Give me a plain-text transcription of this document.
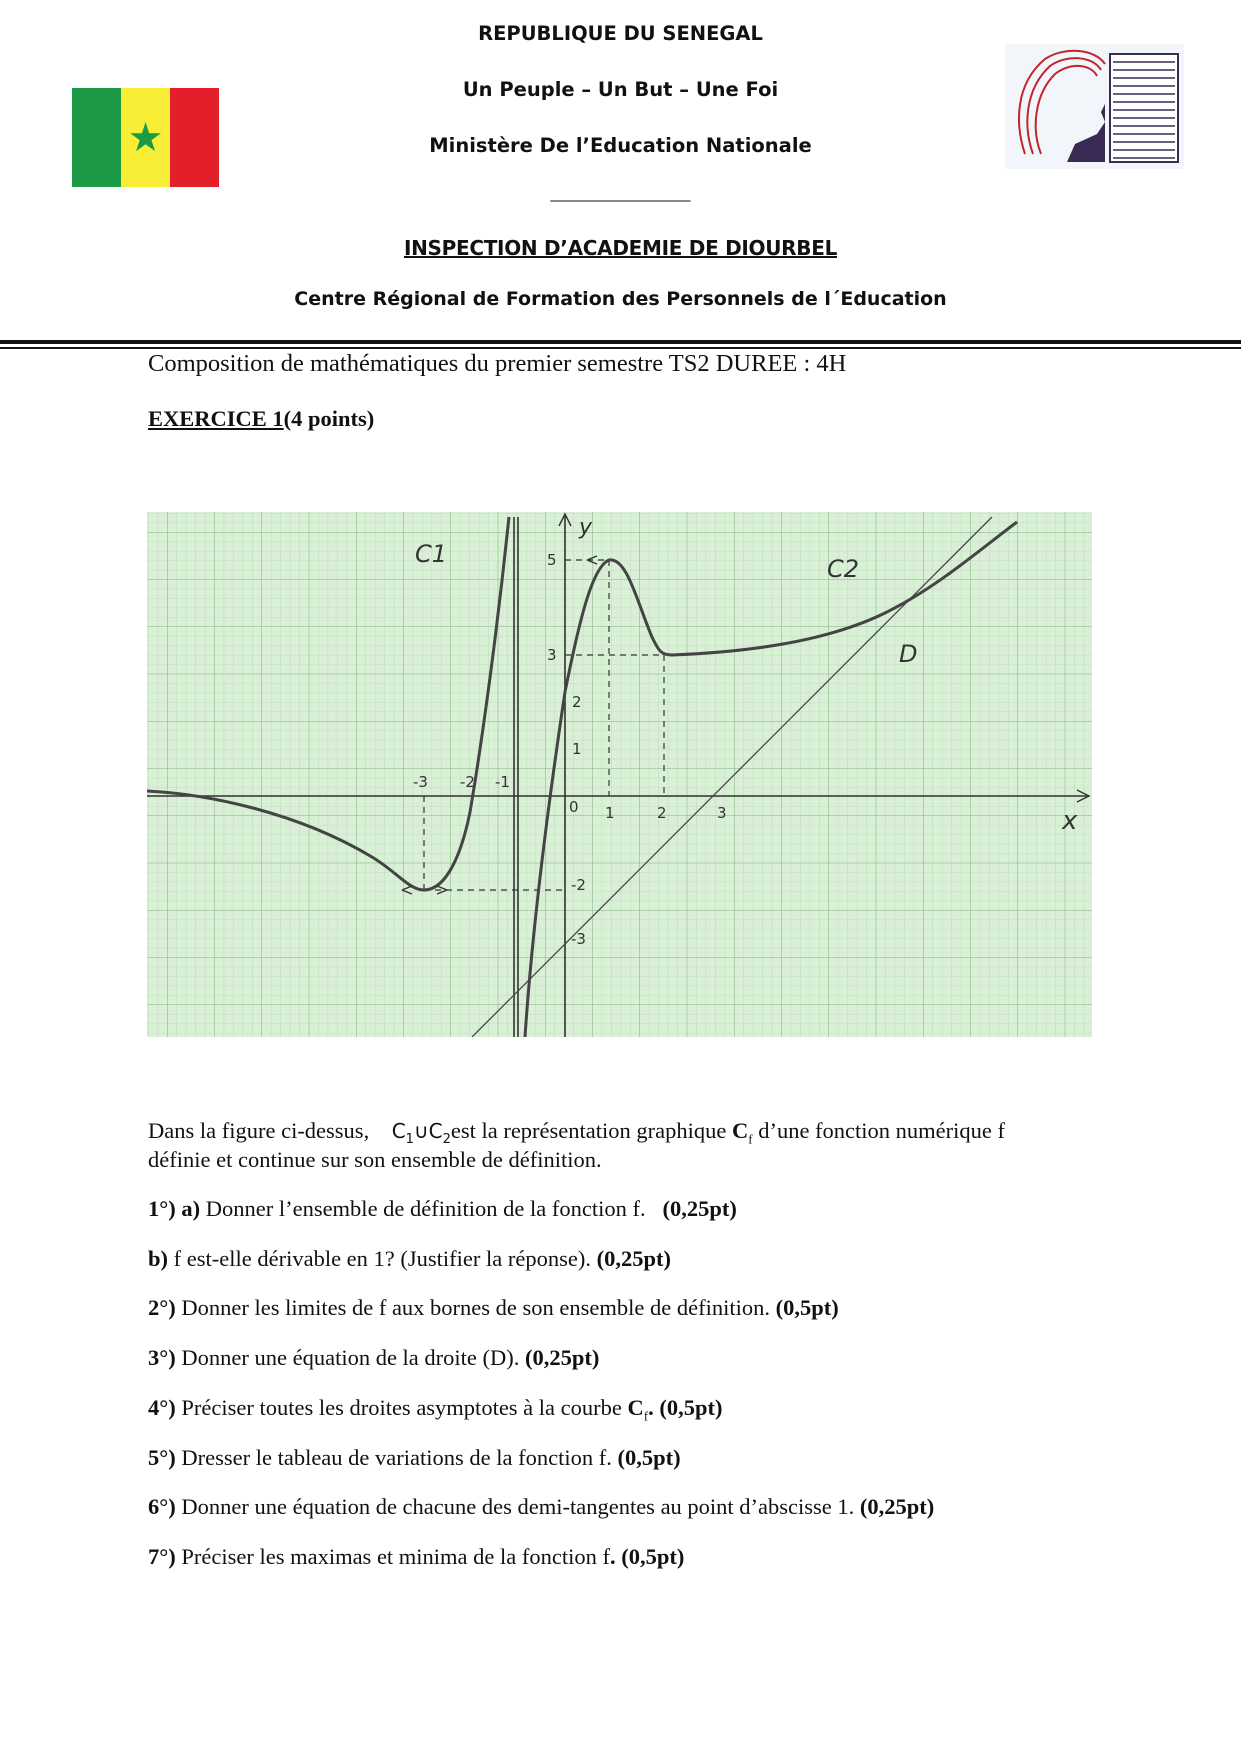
REPUBLIQUE DU SENEGAL
Un Peuple – Un But – Une Foi
Ministère De l’Education Nationale
____________________
INSPECTION D’ACADEMIE DE DIOURBEL
Centre Régional de Formation des Personnels de l´Education
★
Composition de mathématiques du premier semestre TS2 DUREE : 4H
EXERCICE 1(4 points)
C1
C2
D
x
y
0
-3 -2 -1
1	2	3
5
3
2
1
-2
-3
Dans la figure ci-dessus, $C_1\cup C_2est$ la représentation graphique $C_f$ d’une fonction numérique f
définie et continue sur son ensemble de définition.
1°) a) Donner l’ensemble de définition de la fonction f.   (0,25pt)
b) f est-elle dérivable en 1? (Justifier la réponse). (0,25pt)
2°) Donner les limites de f aux bornes de son ensemble de définition. (0,5pt)
3°) Donner une équation de la droite (D). (0,25pt)
4°) Préciser toutes les droites asymptotes à la courbe $C_f$. (0,5pt)
5°) Dresser le tableau de variations de la fonction f. (0,5pt)
6°) Donner une équation de chacune des demi-tangentes au point d’abscisse 1. (0,25pt)
7°) Préciser les maximas et minima de la fonction f. (0,5pt)
